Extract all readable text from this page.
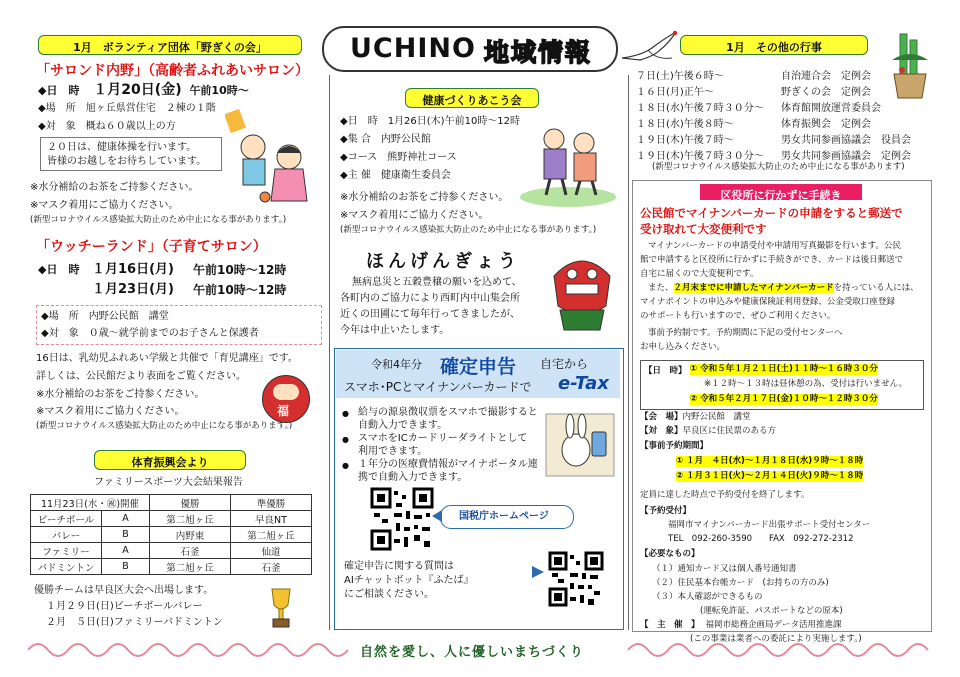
UCHINO 地域情報
1月　ボランティア団体「野ぎくの会」
「サロンド内野」（高齢者ふれあいサロン）
◆日　時 １月20日(金) 午前10時～
◆場　所　旭ヶ丘県営住宅　２棟の１階
◆対　象　概ね６０歳以上の方
２０日は、健康体操を行います。
皆様のお越しをお待ちしています。
※水分補給のお茶をご持参ください。
※マスク着用にご協力ください。
(新型コロナウイルス感染拡大防止のため中止になる事があります。)
「ウッチーランド」（子育てサロン）
◆日　時 １月16日(月) 午前10時～12時
１月23日(月) 午前10時～12時
◆場　所　内野公民館　講堂
◆対　象　０歳～就学前までのお子さんと保護者
16日は、乳幼児ふれあい学級と共催で「育児講座」です。
詳しくは、公民館だより表面をご覧ください。
※水分補給のお茶をご持参ください。
※マスク着用にご協力ください。
(新型コロナウイルス感染拡大防止のため中止になる事があります。)
福
体育振興会より
ファミリースポーツ大会結果報告
11月23日(水・㊗)開催		優勝	準優勝
ビーチボール	A	第二旭ヶ丘	早良NT
バレー	B	内野東	第二旭ヶ丘
ファミリー	A	石釜	仙道
バドミントン	B	第二旭ヶ丘	石釜
優勝チームは早良区大会へ出場します。
１月２９日(日)ビーチボールバレー
２月　５日(日)ファミリーバドミントン
健康づくりあこう会
◆日　時　1月26日(木)午前10時～12時
◆集 合　内野公民館
◆コース　熊野神社コース
◆主 催　健康衛生委員会
※水分補給のお茶をご持参ください。
※マスク着用にご協力ください。
(新型コロナウイルス感染拡大防止のため中止になる事があります。)
ほんげんぎょう
無病息災と五穀豊穣の願いを込めて、
各町内のご協力により西町内中山集会所
近くの田圃にて毎年行ってきましたが、
今年は中止いたします。
令和4年分 確定申告 自宅から
スマホ･PCとマイナンバーカードで e-Tax
● 給与の源泉徴収票をスマホで撮影すると
自動入力できます。
● スマホをICカードリーダライトとして
利用できます。
● １年分の医療費情報がマイナポータル連
携で自動入力できます。
国税庁ホームページ
確定申告に関する質問は
AIチャットボット『ふたば』
にご相談ください。
自然を愛し、人に優しいまちづくり
1月　その他の行事
７日(土)午後６時～	自治連合会　定例会
１６日(月)正午～	野ぎくの会　定例会
１８日(水)午後７時３０分～ 体育館開放運営委員会
１８日(水)午後８時～	体育振興会　定例会
１９日(木)午後７時～	男女共同参画協議会　役員会
１９日(木)午後７時３０分～ 男女共同参画協議会　定例会
(新型コロナウイルス感染拡大防止のため中止になる事があります)
区役所に行かずに手続き
公民館でマイナンバーカードの申請をすると郵送で
受け取れて大変便利です
マイナンバーカードの申請受付や申請用写真撮影を行います。公民
館で申請すると区役所に行かずに手続きができ、カードは後日郵送で
自宅に届くので大変便利です。
また、２月末までに申請したマイナンバーカードを持っている人には、
マイナポイントの申込みや健康保険証利用登録、公金受取口座登録
のサポートも行いますので、ぜひご利用ください。
事前予約制です。予約期間に下記の受付センターへ
お申し込みください。
【日　時】 ① 令和５年１月２１日(土)１１時～１６時３０分
※１２時～１３時は昼休憩の為、受付は行いません。
② 令和５年２月１７日(金)１０時～１２時３０分
【会　場】内野公民館　講堂
【対　象】早良区に住民票のある方
【事前予約期間】
① １月　４日(水)～１月１８日(水)９時～１８時
② １月３１日(火)～２月１４日(火)９時～１８時
定員に達した時点で予約受付を終了します。
【予約受付】
福岡市マイナンバーカード出張サポート受付センター
TEL　092-260-3590　　FAX　092-272-2312
【必要なもの】
（１）通知カード又は個人番号通知書
（２）住民基本台帳カード　(お持ちの方のみ)
（３）本人確認ができるもの
(運転免許証、パスポートなどの原本)
【　主　催　】 福岡市総務企画局データ活用推進課
(この事業は業者への委託により実施します。)
